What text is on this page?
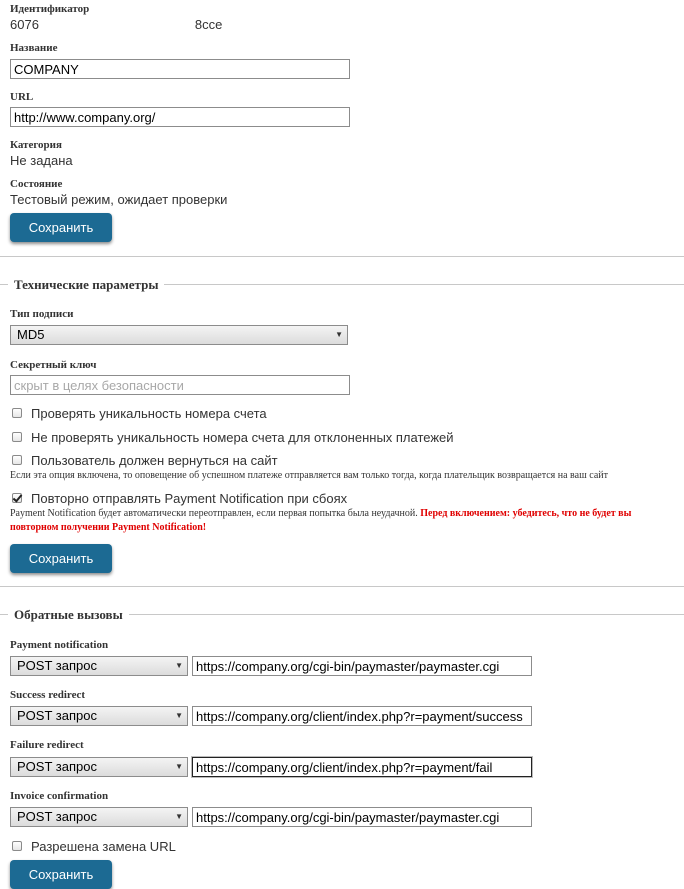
Идентификатор
6076	8cce
Название
COMPANY
URL
http://www.company.org/
Категория
Не задана
Состояние
Тестовый режим, ожидает проверки
Сохранить
Технические параметры
Тип подписи
MD5	▼
Секретный ключ
скрыт в целях безопасности
Проверять уникальность номера счета
Не проверять уникальность номера счета для отклоненных платежей
Пользователь должен вернуться на сайт
Если эта опция включена, то оповещение об успешном платеже отправляется вам только тогда, когда плательщик возвращается на ваш сайт
Повторно отправлять Payment Notification при сбоях
Payment Notification будет автоматически переотправлен, если первая попытка была неудачной. Перед включением: убедитесь, что не будет вы
повторном получении Payment Notification!
Сохранить
Обратные вызовы
Payment notification
POST запрос	▼
https://company.org/cgi-bin/paymaster/paymaster.cgi
Success redirect
POST запрос	▼
https://company.org/client/index.php?r=payment/success
Failure redirect
POST запрос	▼
https://company.org/client/index.php?r=payment/fail
Invoice confirmation
POST запрос	▼
https://company.org/cgi-bin/paymaster/paymaster.cgi
Разрешена замена URL
Сохранить
